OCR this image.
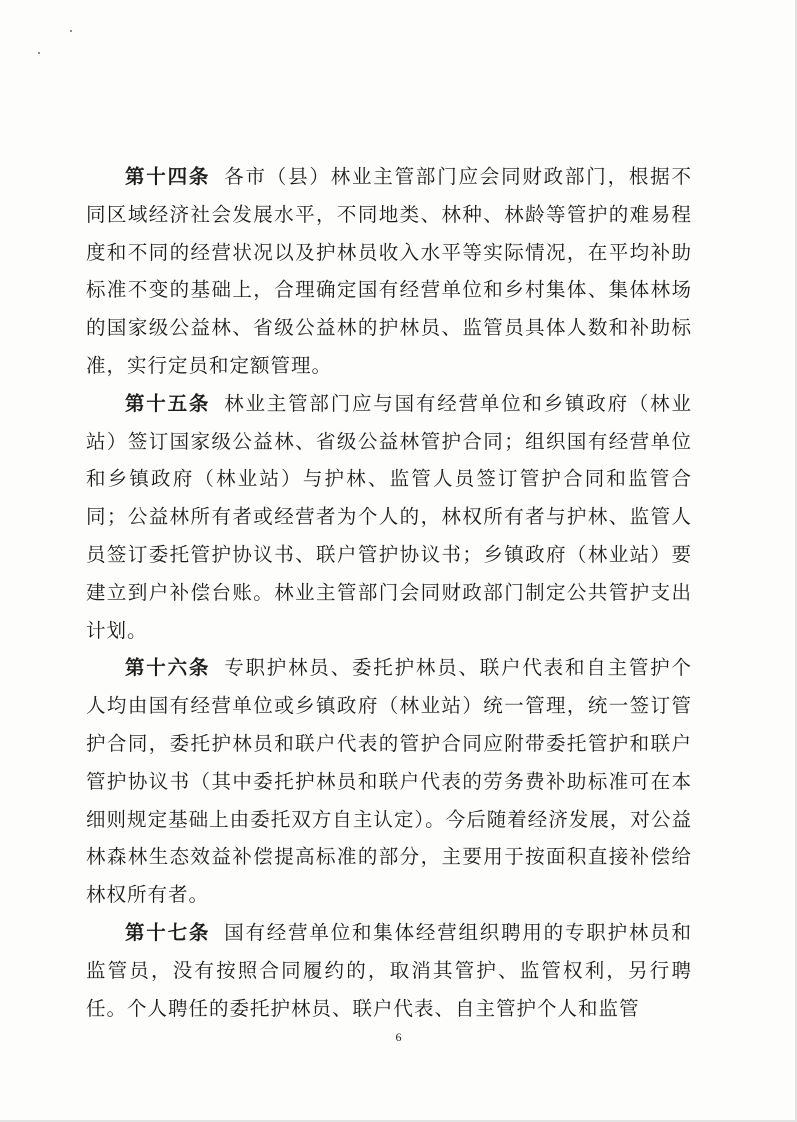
第十四条 各市（县）林业主管部门应会同财政部门，根据不同区域经济社会发展水平，不同地类、林种、林龄等管护的难易程度和不同的经营状况以及护林员收入水平等实际情况，在平均补助标准不变的基础上，合理确定国有经营单位和乡村集体、集体林场的国家级公益林、省级公益林的护林员、监管员具体人数和补助标准，实行定员和定额管理。

第十五条 林业主管部门应与国有经营单位和乡镇政府（林业站）签订国家级公益林、省级公益林管护合同；组织国有经营单位和乡镇政府（林业站）与护林、监管人员签订管护合同和监管合同；公益林所有者或经营者为个人的，林权所有者与护林、监管人员签订委托管护协议书、联户管护协议书；乡镇政府（林业站）要建立到户补偿台账。林业主管部门会同财政部门制定公共管护支出计划。

第十六条 专职护林员、委托护林员、联户代表和自主管护个人均由国有经营单位或乡镇政府（林业站）统一管理，统一签订管护合同，委托护林员和联户代表的管护合同应附带委托管护和联户管护协议书（其中委托护林员和联户代表的劳务费补助标准可在本细则规定基础上由委托双方自主认定）。今后随着经济发展，对公益林森林生态效益补偿提高标准的部分，主要用于按面积直接补偿给林权所有者。

第十七条 国有经营单位和集体经营组织聘用的专职护林员和监管员，没有按照合同履约的，取消其管护、监管权利，另行聘任。个人聘任的委托护林员、联户代表、自主管护个人和监管

6
